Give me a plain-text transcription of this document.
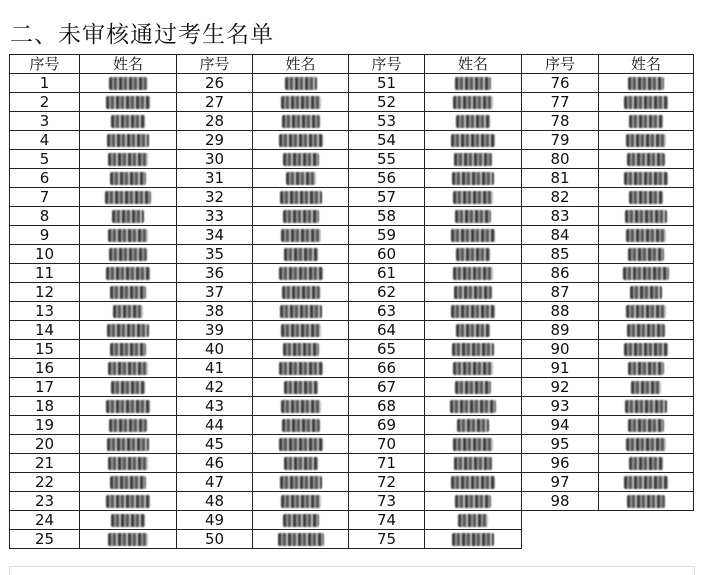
二、未审核通过考生名单
序号	姓名	序号	姓名	序号	姓名	序号	姓名
1		26		51		76	
2		27		52		77	
3		28		53		78	
4		29		54		79	
5		30		55		80	
6		31		56		81	
7		32		57		82	
8		33		58		83	
9		34		59		84	
10		35		60		85	
11		36		61		86	
12		37		62		87	
13		38		63		88	
14		39		64		89	
15		40		65		90	
16		41		66		91	
17		42		67		92	
18		43		68		93	
19		44		69		94	
20		45		70		95	
21		46		71		96	
22		47		72		97	
23		48		73		98	
24		49		74			
25		50		75			
